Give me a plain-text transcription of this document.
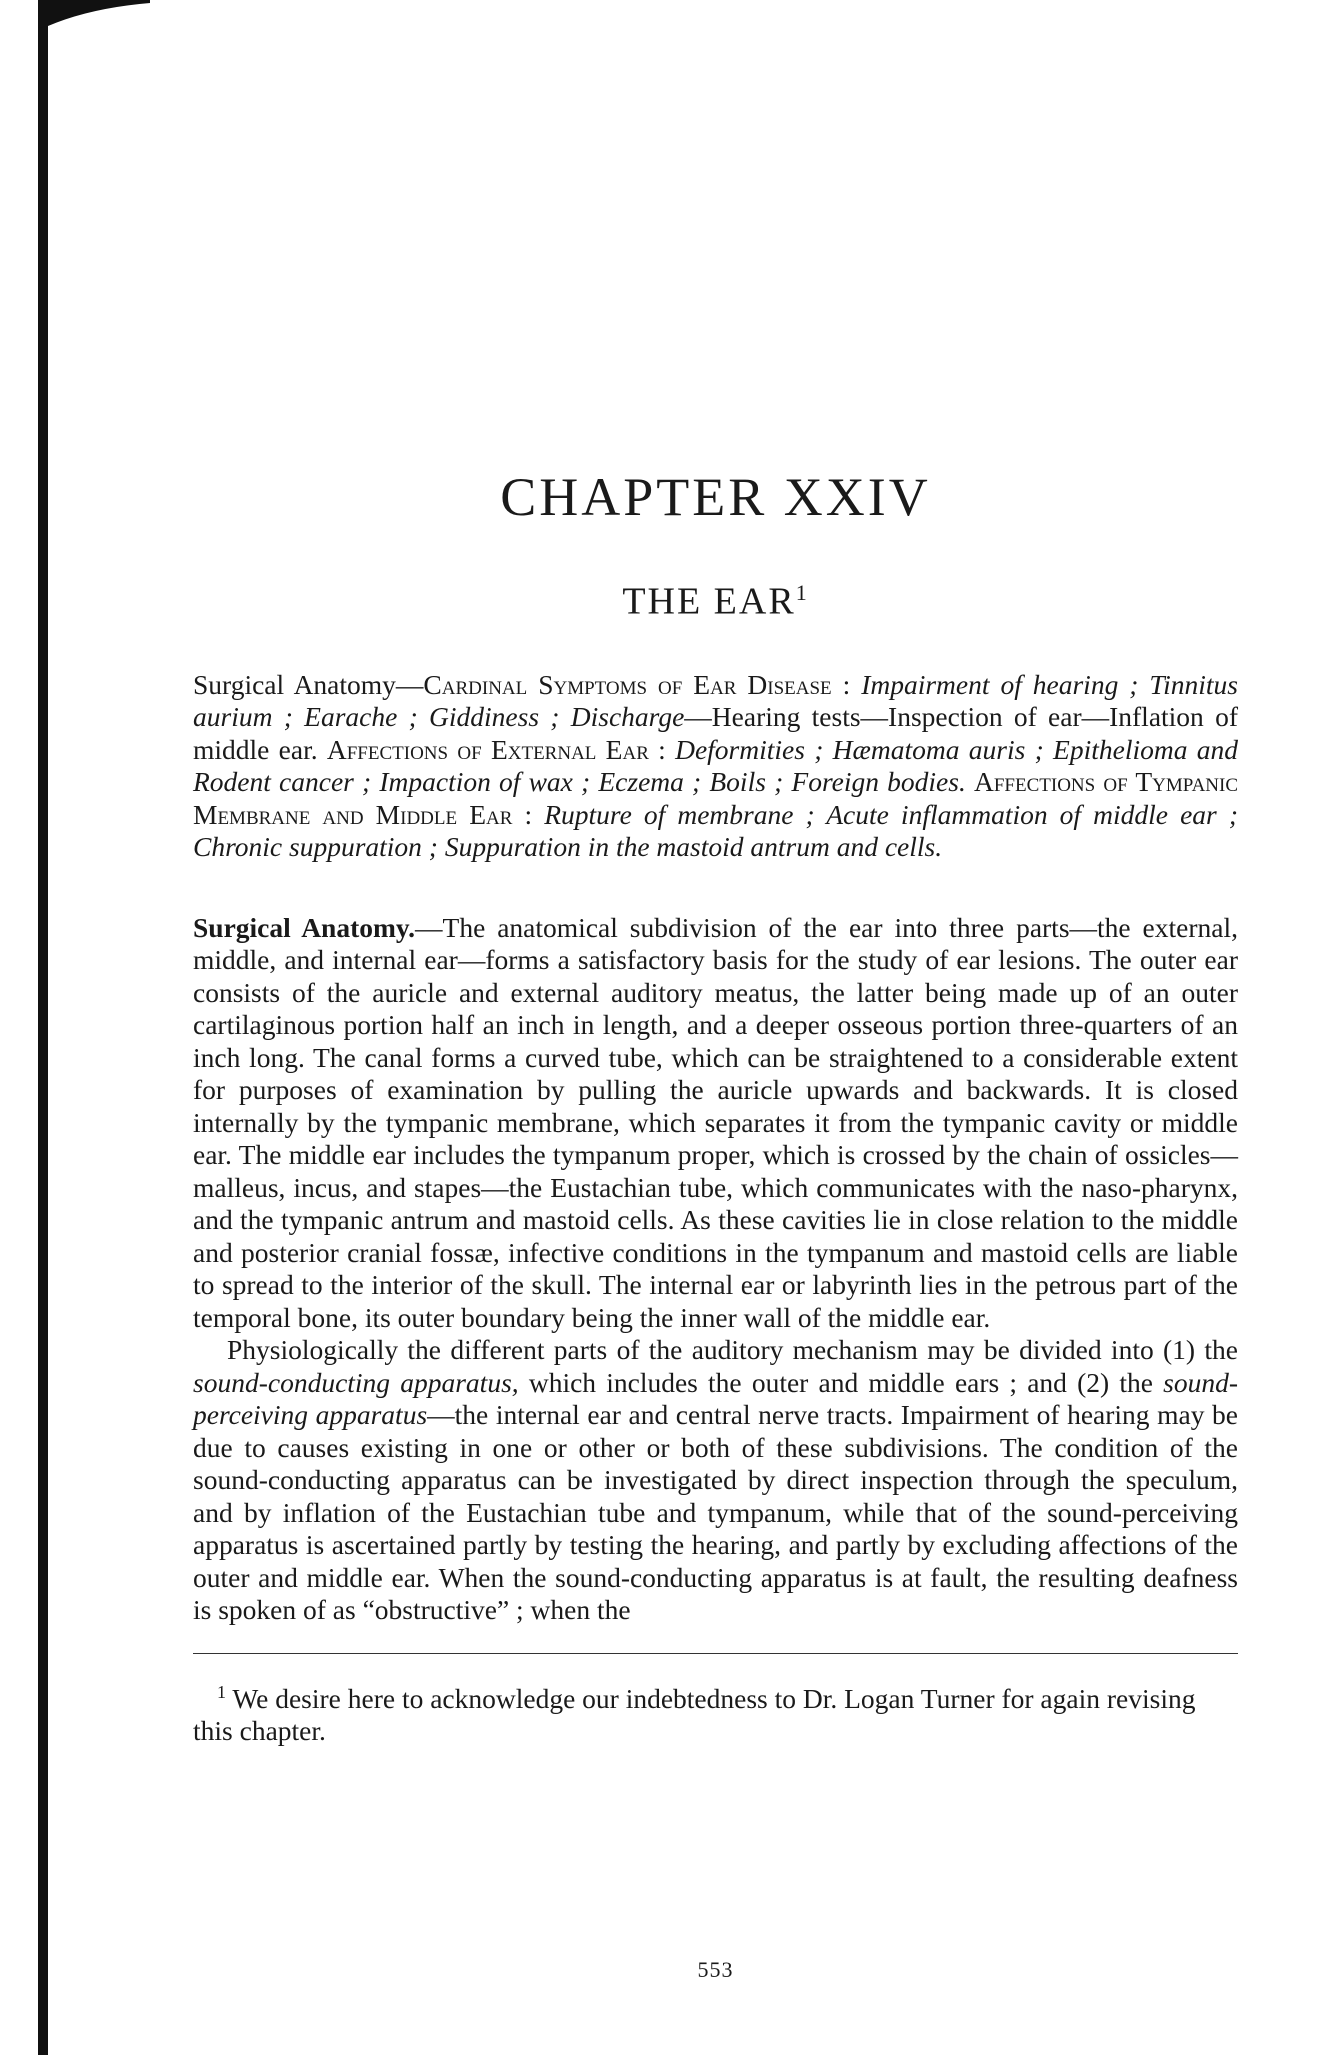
CHAPTER XXIV
THE EAR$^1$
Surgical Anatomy—Cardinal Symptoms of Ear Disease : Impairment of hearing ; Tinnitus aurium ; Earache ; Giddiness ; Discharge—Hearing tests—Inspection of ear—Inflation of middle ear. Affections of External Ear : Deformities ; Hæmatoma auris ; Epithelioma and Rodent cancer ; Impaction of wax ; Eczema ; Boils ; Foreign bodies. Affections of Tympanic Membrane and Middle Ear : Rupture of membrane ; Acute inflammation of middle ear ; Chronic suppuration ; Suppuration in the mastoid antrum and cells.

Surgical Anatomy.—The anatomical subdivision of the ear into three parts—the external, middle, and internal ear—forms a satisfactory basis for the study of ear lesions. The outer ear consists of the auricle and external auditory meatus, the latter being made up of an outer cartilaginous portion half an inch in length, and a deeper osseous portion three-quarters of an inch long. The canal forms a curved tube, which can be straightened to a considerable extent for purposes of examination by pulling the auricle upwards and backwards. It is closed internally by the tympanic membrane, which separates it from the tympanic cavity or middle ear. The middle ear includes the tympanum proper, which is crossed by the chain of ossicles—malleus, incus, and stapes—the Eustachian tube, which communicates with the naso-pharynx, and the tympanic antrum and mastoid cells. As these cavities lie in close relation to the middle and posterior cranial fossæ, infective conditions in the tympanum and mastoid cells are liable to spread to the interior of the skull. The internal ear or labyrinth lies in the petrous part of the temporal bone, its outer boundary being the inner wall of the middle ear.

Physiologically the different parts of the auditory mechanism may be divided into (1) the sound-conducting apparatus, which includes the outer and middle ears ; and (2) the sound-perceiving apparatus—the internal ear and central nerve tracts. Impairment of hearing may be due to causes existing in one or other or both of these subdivisions. The condition of the sound-conducting apparatus can be investigated by direct inspection through the speculum, and by inflation of the Eustachian tube and tympanum, while that of the sound-perceiving apparatus is ascertained partly by testing the hearing, and partly by excluding affections of the outer and middle ear. When the sound-conducting apparatus is at fault, the resulting deafness is spoken of as “obstructive” ; when the

$^1$ We desire here to acknowledge our indebtedness to Dr. Logan Turner for again revising this chapter.
553
